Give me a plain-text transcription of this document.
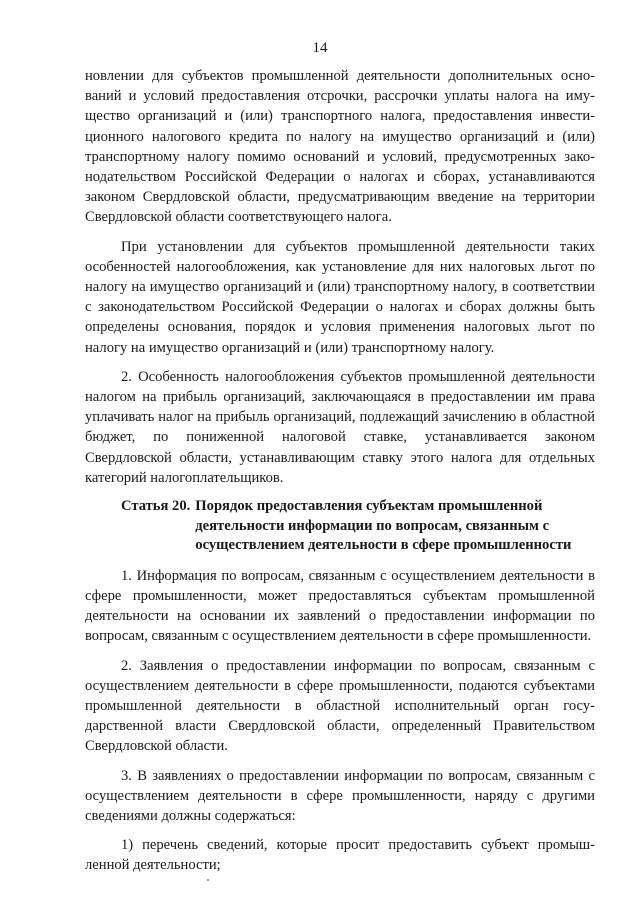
14

новлении для субъектов промышленной деятельности дополнительных оснований и условий предоставления отсрочки, рассрочки уплаты налога на имущество организаций и (или) транспортного налога, предоставления инвестиционного налогового кредита по налогу на имущество организаций и (или) транспортному налогу помимо оснований и условий, предусмотренных законодательством Российской Федерации о налогах и сборах, устанавливаются законом Свердловской области, предусматривающим введение на территории Свердловской области соответствующего налога.

При установлении для субъектов промышленной деятельности таких особенностей налогообложения, как установление для них налоговых льгот по налогу на имущество организаций и (или) транспортному налогу, в соответствии с законодательством Российской Федерации о налогах и сборах должны быть определены основания, порядок и условия применения налоговых льгот по налогу на имущество организаций и (или) транспортному налогу.

2. Особенность налогообложения субъектов промышленной деятельности налогом на прибыль организаций, заключающаяся в предоставлении им права уплачивать налог на прибыль организаций, подлежащий зачислению в областной бюджет, по пониженной налоговой ставке, устанавливается законом Свердловской области, устанавливающим ставку этого налога для отдельных категорий налогоплательщиков.

Статья 20. Порядок предоставления субъектам промышленной деятельности информации по вопросам, связанным с осуществлением деятельности в сфере промышленности

1. Информация по вопросам, связанным с осуществлением деятельности в сфере промышленности, может предоставляться субъектам промышленной деятельности на основании их заявлений о предоставлении информации по вопросам, связанным с осуществлением деятельности в сфере промышленности.

2. Заявления о предоставлении информации по вопросам, связанным с осуществлением деятельности в сфере промышленности, подаются субъектами промышленной деятельности в областной исполнительный орган государственной власти Свердловской области, определенный Правительством Свердловской области.

3. В заявлениях о предоставлении информации по вопросам, связанным с осуществлением деятельности в сфере промышленности, наряду с другими сведениями должны содержаться:

1) перечень сведений, которые просит предоставить субъект промышленной деятельности;
